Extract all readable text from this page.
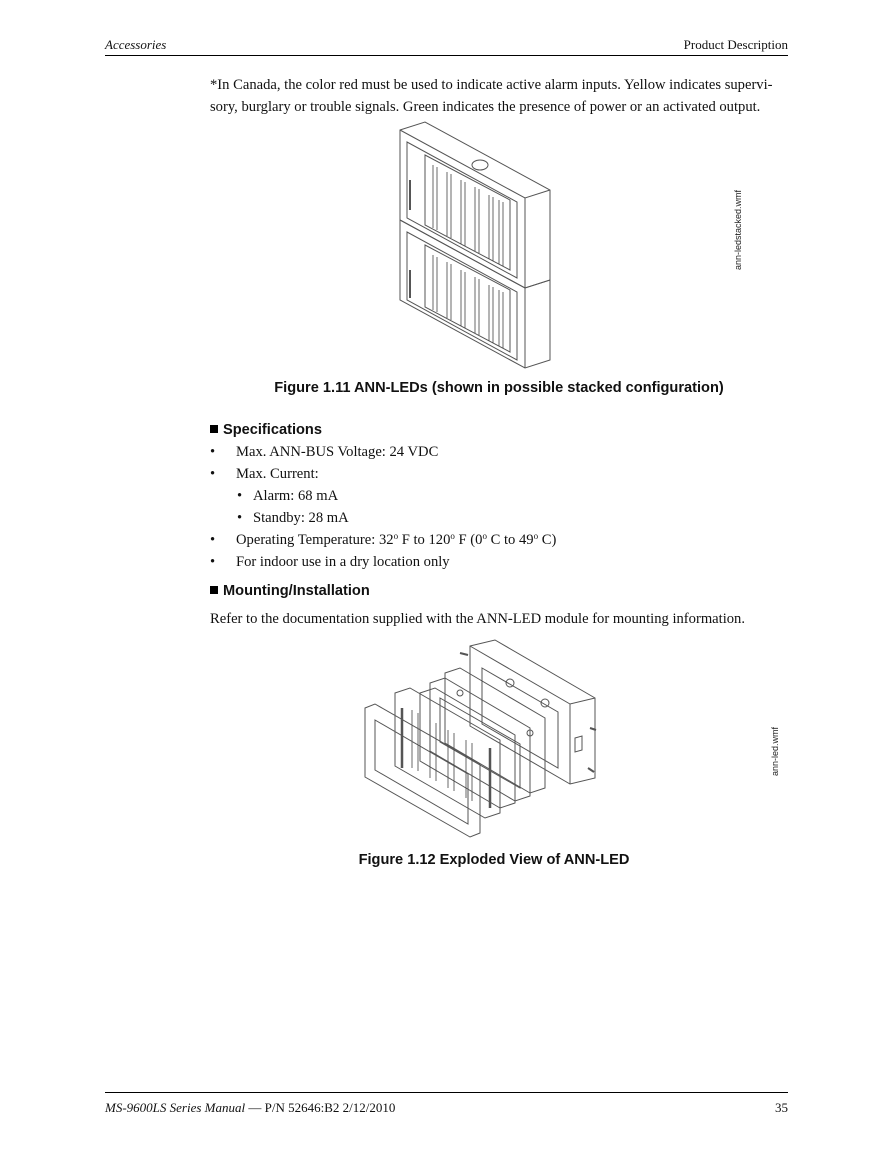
Accessories	Product Description
*In Canada, the color red must be used to indicate active alarm inputs. Yellow indicates supervi-sory, burglary or trouble signals. Green indicates the presence of power or an activated output.
ann-ledstacked.wmf
Figure 1.11 ANN-LEDs (shown in possible stacked configuration)
Specifications
• Max. ANN-BUS Voltage: 24 VDC
• Max. Current:
• Alarm: 68 mA
• Standby: 28 mA
• Operating Temperature: 32$^o$ F to 120$^o$ F (0$^o$ C to 49$^o$ C)
• For indoor use in a dry location only
Mounting/Installation
Refer to the documentation supplied with the ANN-LED module for mounting information.
ann-led.wmf
Figure 1.12 Exploded View of ANN-LED
MS-9600LS Series Manual — P/N 52646:B2 2/12/2010	35
